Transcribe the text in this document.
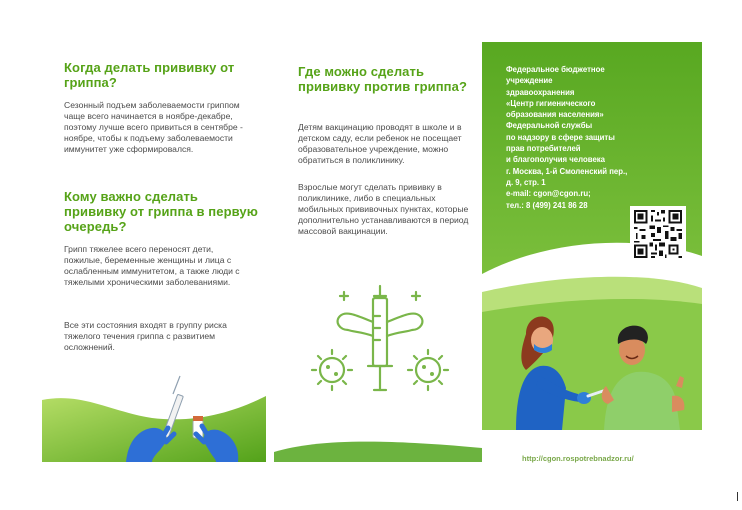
Когда делать прививку от гриппа?
Сезонный подъем заболеваемости гриппом чаще всего начинается в ноябре-декабре, поэтому лучше всего привиться в сентябре - ноябре, чтобы к подъему заболеваемости иммунитет уже сформировался.
Кому важно сделать прививку от гриппа в первую очередь?
Грипп тяжелее всего переносят дети, пожилые, беременные женщины и лица с ослабленным иммунитетом, а также люди с тяжелыми хроническими заболеваниями.
Все эти состояния входят в группу риска тяжелого течения гриппа с развитием осложнений.
Где можно сделать прививку против гриппа?
Детям вакцинацию проводят в школе и в детском саду, если ребенок не посещает образовательное учреждение, можно обратиться в поликлинику.
Взрослые могут сделать прививку в поликлинике, либо в специальных мобильных прививочных пунктах, которые дополнительно устанавливаются в период массовой вакцинации.
Федеральное бюджетное
учреждение
здравоохранения
«Центр гигиенического
образования населения»
Федеральной службы
по надзору в сфере защиты
прав потребителей
и благополучия человека
г. Москва, 1-й Смоленский пер.,
д. 9, стр. 1
e-mail: cgon@cgon.ru;
тел.: 8 (499) 241 86 28
http://cgon.rospotrebnadzor.ru/
